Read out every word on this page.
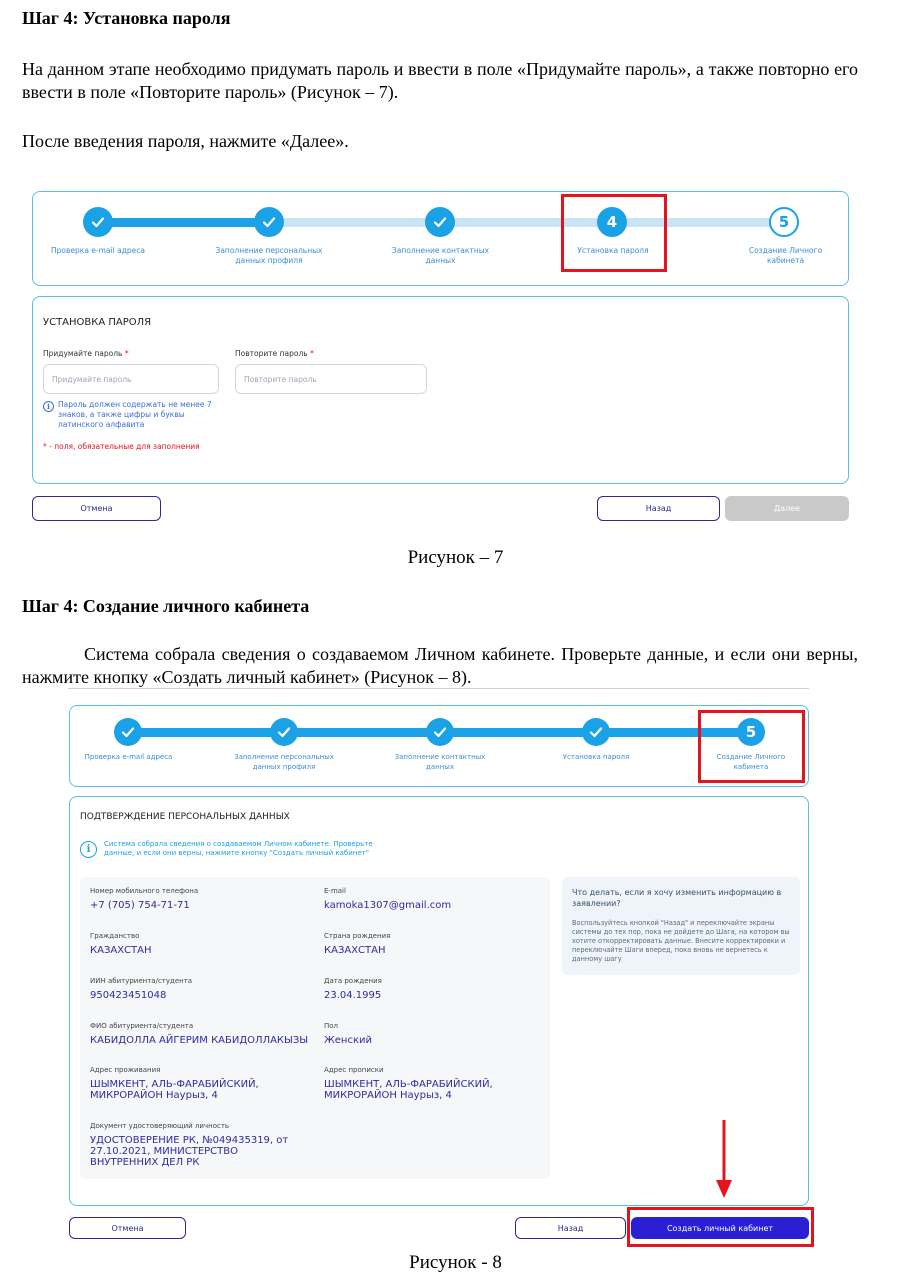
Шаг 4: Установка пароля
На данном этапе необходимо придумать пароль и ввести в поле «Придумайте пароль», а также повторно его ввести в поле «Повторите пароль» (Рисунок – 7).
После введения пароля, нажмите «Далее».
4	5
Проверка e-mail адреса	Заполнение персональных данных профиля
Заполнение контактных данных
Установка пароля	Создание Личного кабинета
УСТАНОВКА ПАРОЛЯ
Придумайте пароль *
Придумайте пароль
Повторите пароль *
Повторите пароль
i	Пароль должен содержать не менее 7 знаков, а также цифры и буквы латинского алфавита
* - поля, обязательные для заполнения
Отмена	Назад	Далее
Рисунок – 7
Шаг 4: Создание личного кабинета
Система собрала сведения о создаваемом Личном кабинете. Проверьте данные, и если они верны, нажмите кнопку «Создать личный кабинет» (Рисунок – 8).
5
Проверка e-mail адреса	Заполнение персональных данных профиля
Заполнение контактных данных
Установка пароля	Создание Личного кабинета
ПОДТВЕРЖДЕНИЕ ПЕРСОНАЛЬНЫХ ДАННЫХ
i	Система собрала сведения о создаваемом Личном кабинете. Проверьте данные, и если они верны, нажмите кнопку "Создать личный кабинет"
Номер мобильного телефона
+7 (705) 754-71-71
E-mail
kamoka1307@gmail.com
Гражданство
КАЗАХСТАН
Страна рождения
КАЗАХСТАН
ИИН абитуриента/студента
950423451048
Дата рождения
23.04.1995
ФИО абитуриента/студента
КАБИДОЛЛА АЙГЕРИМ КАБИДОЛЛАКЫЗЫ
Пол
Женский
Адрес проживания
ШЫМКЕНТ, АЛЬ-ФАРАБИЙСКИЙ, МИКРОРАЙОН Наурыз, 4
Адрес прописки
ШЫМКЕНТ, АЛЬ-ФАРАБИЙСКИЙ, МИКРОРАЙОН Наурыз, 4
Документ удостоверяющий личность
УДОСТОВЕРЕНИЕ РК, №049435319, от 27.10.2021, МИНИСТЕРСТВО ВНУТРЕННИХ ДЕЛ РК
Что делать, если я хочу изменить информацию в заявлении?
Воспользуйтесь кнопкой "Назад" и переключайте экраны системы до тех пор, пока не дойдете до Шага, на котором вы хотите откорректировать данные. Внесите корректировки и переключайте Шаги вперед, пока вновь не вернетесь к данному шагу
Отмена	Назад	Создать личный кабинет
Рисунок - 8
